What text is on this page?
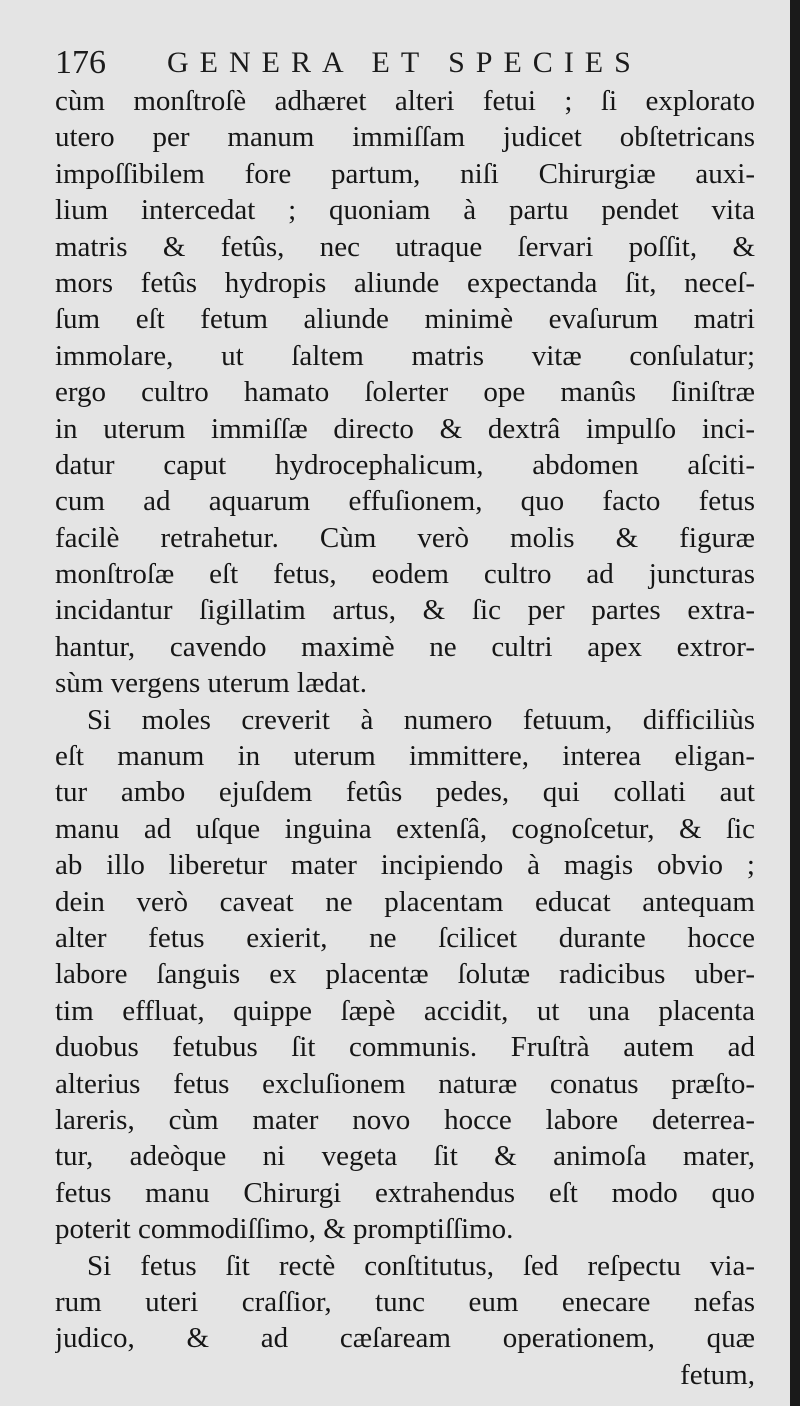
176 GENERA ET SPECIES
cùm monſtroſè adhæret alteri fetui ; ſi explorato
utero per manum immiſſam judicet obſtetricans
impoſſibilem fore partum, niſi Chirurgiæ auxi-
lium intercedat ; quoniam à partu pendet vita
matris & fetûs, nec utraque ſervari poſſit, &
mors fetûs hydropis aliunde expectanda ſit, neceſ-
ſum eſt fetum aliunde minimè evaſurum matri
immolare, ut ſaltem matris vitæ conſulatur;
ergo cultro hamato ſolerter ope manûs ſiniſtræ
in uterum immiſſæ directo & dextrâ impulſo inci-
datur caput hydrocephalicum, abdomen aſciti-
cum ad aquarum effuſionem, quo facto fetus
facilè retrahetur. Cùm verò molis & figuræ
monſtroſæ eſt fetus, eodem cultro ad juncturas
incidantur ſigillatim artus, & ſic per partes extra-
hantur, cavendo maximè ne cultri apex extror-
sùm vergens uterum lædat.
Si moles creverit à numero fetuum, difficiliùs
eſt manum in uterum immittere, interea eligan-
tur ambo ejuſdem fetûs pedes, qui collati aut
manu ad uſque inguina extenſâ, cognoſcetur, & ſic
ab illo liberetur mater incipiendo à magis obvio ;
dein verò caveat ne placentam educat antequam
alter fetus exierit, ne ſcilicet durante hocce
labore ſanguis ex placentæ ſolutæ radicibus uber-
tim effluat, quippe ſæpè accidit, ut una placenta
duobus fetubus ſit communis. Fruſtrà autem ad
alterius fetus excluſionem naturæ conatus præſto-
lareris, cùm mater novo hocce labore deterrea-
tur, adeòque ni vegeta ſit & animoſa mater,
fetus manu Chirurgi extrahendus eſt modo quo
poterit commodiſſimo, & promptiſſimo.
Si fetus ſit rectè conſtitutus, ſed reſpectu via-
rum uteri craſſior, tunc eum enecare nefas
judico, & ad cæſaream operationem, quæ
fetum,
